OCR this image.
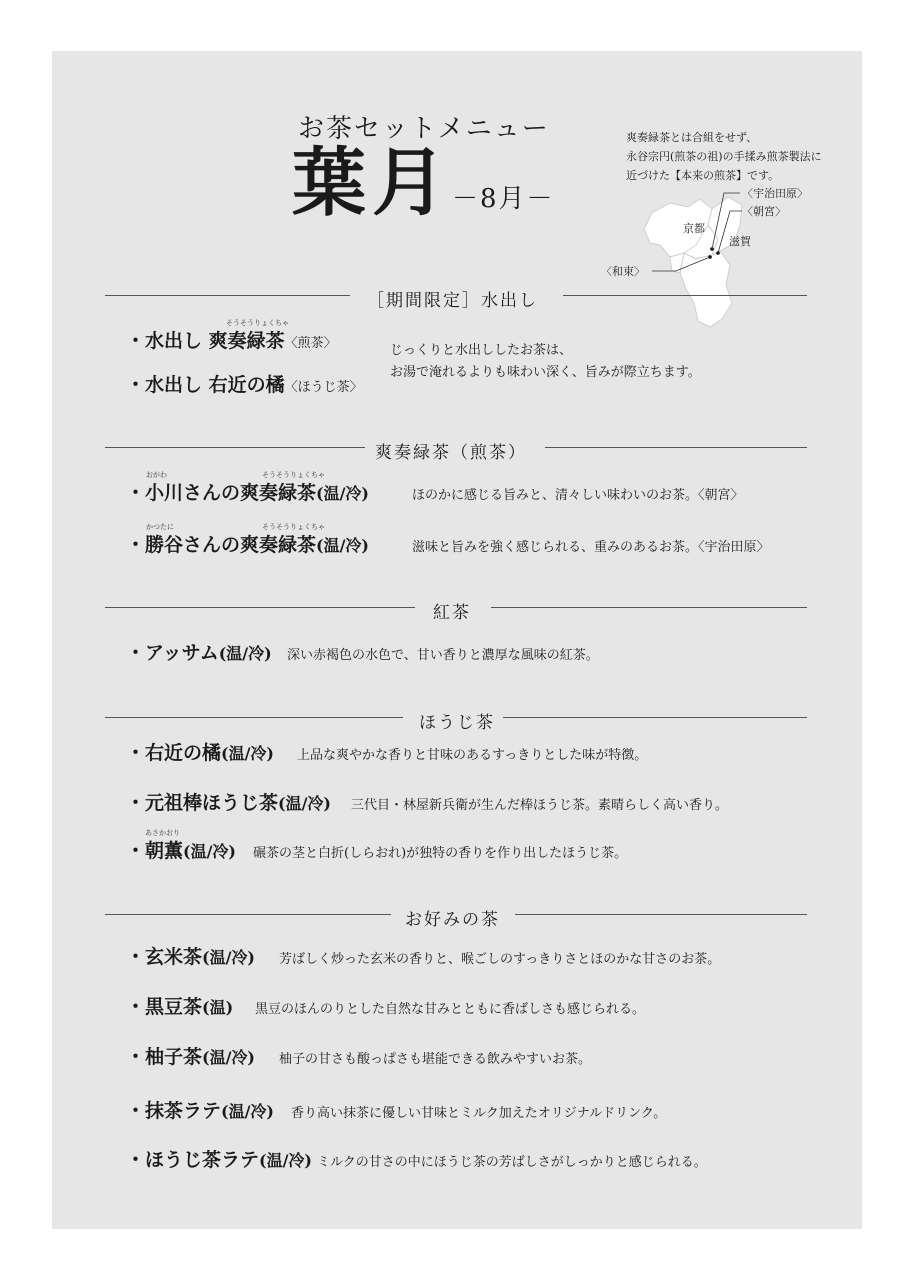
お茶セットメニュー
葉月 －8月－
爽奏緑茶とは合組をせず、
永谷宗円(煎茶の祖)の手揉み煎茶製法に
近づけた【本来の煎茶】です。
〈宇治田原〉
〈朝宮〉
京都
滋賀
〈和束〉
［期間限定］水出し
そうそうりょくちゃ
・水出し 爽奏緑茶〈煎茶〉
・水出し 右近の橘〈ほうじ茶〉
じっくりと水出ししたお茶は、
お湯で淹れるよりも味わい深く、旨みが際立ちます。
爽奏緑茶（煎茶）
おがわ	そうそうりょくちゃ
・小川さんの爽奏緑茶(温/冷)	ほのかに感じる旨みと、清々しい味わいのお茶。〈朝宮〉
かつたに	そうそうりょくちゃ
・勝谷さんの爽奏緑茶(温/冷)	滋味と旨みを強く感じられる、重みのあるお茶。〈宇治田原〉
紅茶
・アッサム(温/冷) 深い赤褐色の水色で、甘い香りと濃厚な風味の紅茶。
ほうじ茶
・右近の橘(温/冷) 上品な爽やかな香りと甘味のあるすっきりとした味が特徴。
・元祖棒ほうじ茶(温/冷) 三代目・林屋新兵衛が生んだ棒ほうじ茶。素晴らしく高い香り。
あさかおり
・朝薫(温/冷) 碾茶の茎と白折(しらおれ)が独特の香りを作り出したほうじ茶。
お好みの茶
・玄米茶(温/冷) 芳ばしく炒った玄米の香りと、喉ごしのすっきりさとほのかな甘さのお茶。
・黒豆茶(温) 黒豆のほんのりとした自然な甘みとともに香ばしさも感じられる。
・柚子茶(温/冷) 柚子の甘さも酸っぱさも堪能できる飲みやすいお茶。
・抹茶ラテ(温/冷) 香り高い抹茶に優しい甘味とミルク加えたオリジナルドリンク。
・ほうじ茶ラテ(温/冷) ミルクの甘さの中にほうじ茶の芳ばしさがしっかりと感じられる。
